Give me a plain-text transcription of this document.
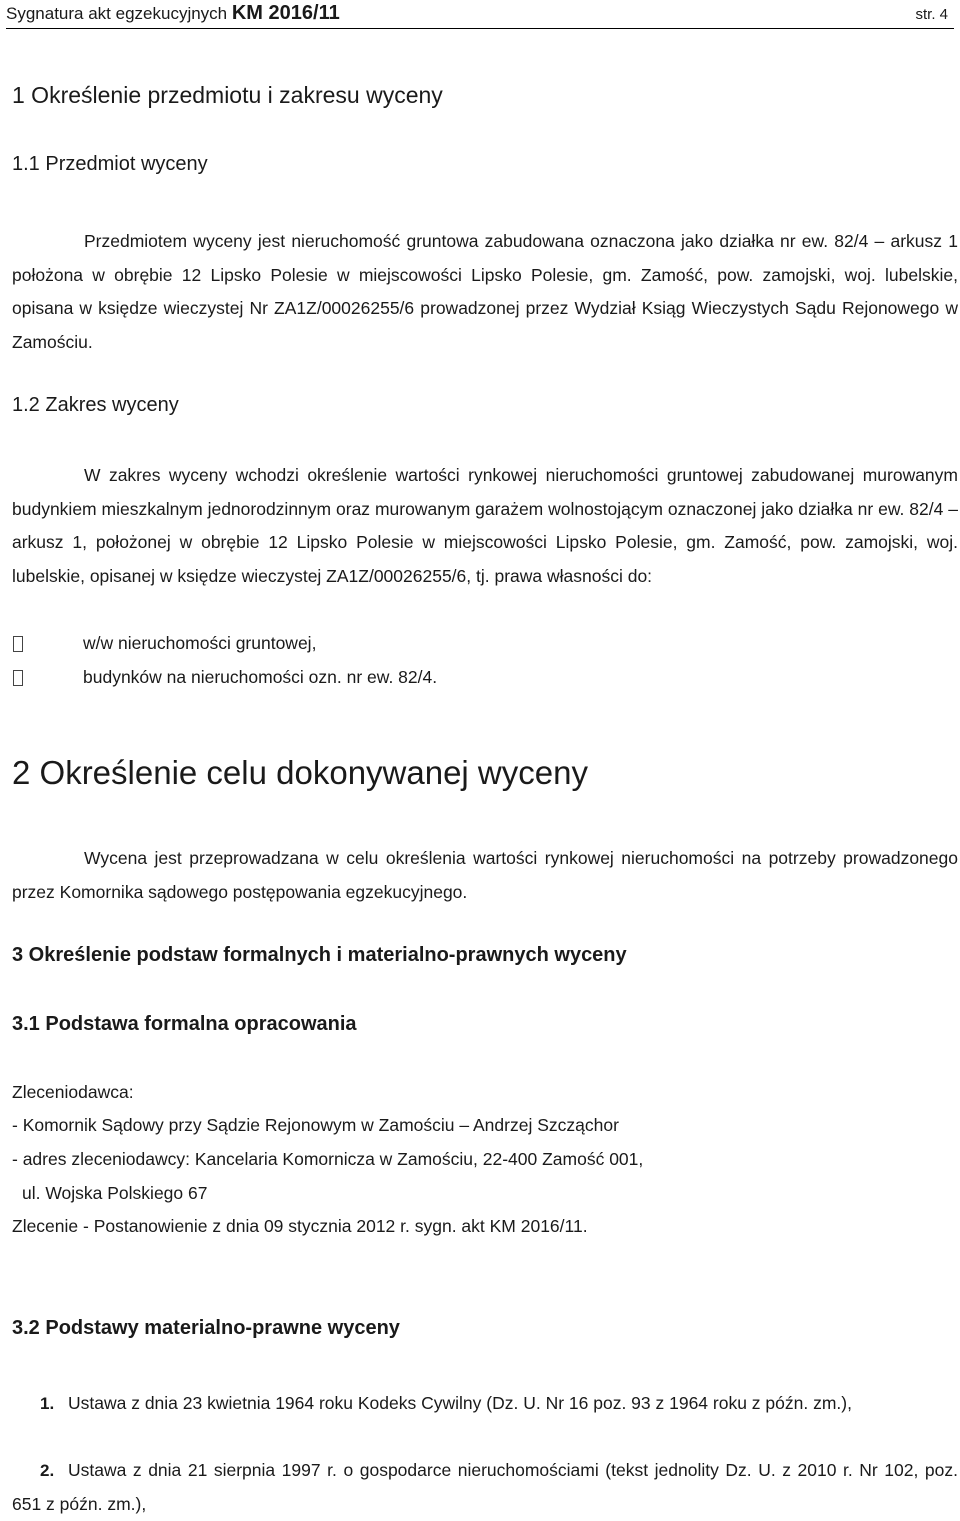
Sygnatura akt egzekucyjnych KM 2016/11	str. 4
1 Określenie przedmiotu i zakresu wyceny
1.1 Przedmiot wyceny
Przedmiotem wyceny jest nieruchomość gruntowa zabudowana oznaczona jako działka nr ew. 82/4 – arkusz 1 położona w obrębie 12 Lipsko Polesie w miejscowości Lipsko Polesie, gm. Zamość, pow. zamojski, woj. lubelskie, opisana w księdze wieczystej Nr ZA1Z/00026255/6 prowadzonej przez Wydział Ksiąg Wieczystych Sądu Rejonowego w Zamościu.
1.2 Zakres wyceny
W zakres wyceny wchodzi określenie wartości rynkowej nieruchomości gruntowej zabudowanej murowanym budynkiem mieszkalnym jednorodzinnym oraz murowanym garażem wolnostojącym oznaczonej jako działka nr ew. 82/4 – arkusz 1, położonej w obrębie 12 Lipsko Polesie w miejscowości Lipsko Polesie, gm. Zamość, pow. zamojski, woj. lubelskie, opisanej w księdze wieczystej ZA1Z/00026255/6, tj. prawa własności do:
w/w nieruchomości gruntowej,
budynków na nieruchomości ozn. nr ew. 82/4.
2 Określenie celu dokonywanej wyceny
Wycena jest przeprowadzana w celu określenia wartości rynkowej nieruchomości na potrzeby prowadzonego przez Komornika sądowego postępowania egzekucyjnego.
3 Określenie podstaw formalnych i materialno-prawnych wyceny
3.1 Podstawa formalna opracowania
Zleceniodawca:
- Komornik Sądowy przy Sądzie Rejonowym w Zamościu – Andrzej Szcząchor
- adres zleceniodawcy: Kancelaria Komornicza w Zamościu, 22-400 Zamość 001,
ul. Wojska Polskiego 67
Zlecenie - Postanowienie z dnia 09 stycznia 2012 r. sygn. akt KM 2016/11.
3.2 Podstawy materialno-prawne wyceny
1. Ustawa z dnia 23 kwietnia 1964 roku Kodeks Cywilny (Dz. U. Nr 16 poz. 93 z 1964 roku z późn. zm.),
2. Ustawa z dnia 21 sierpnia 1997 r. o gospodarce nieruchomościami (tekst jednolity Dz. U. z 2010 r. Nr 102, poz. 651 z późn. zm.),
